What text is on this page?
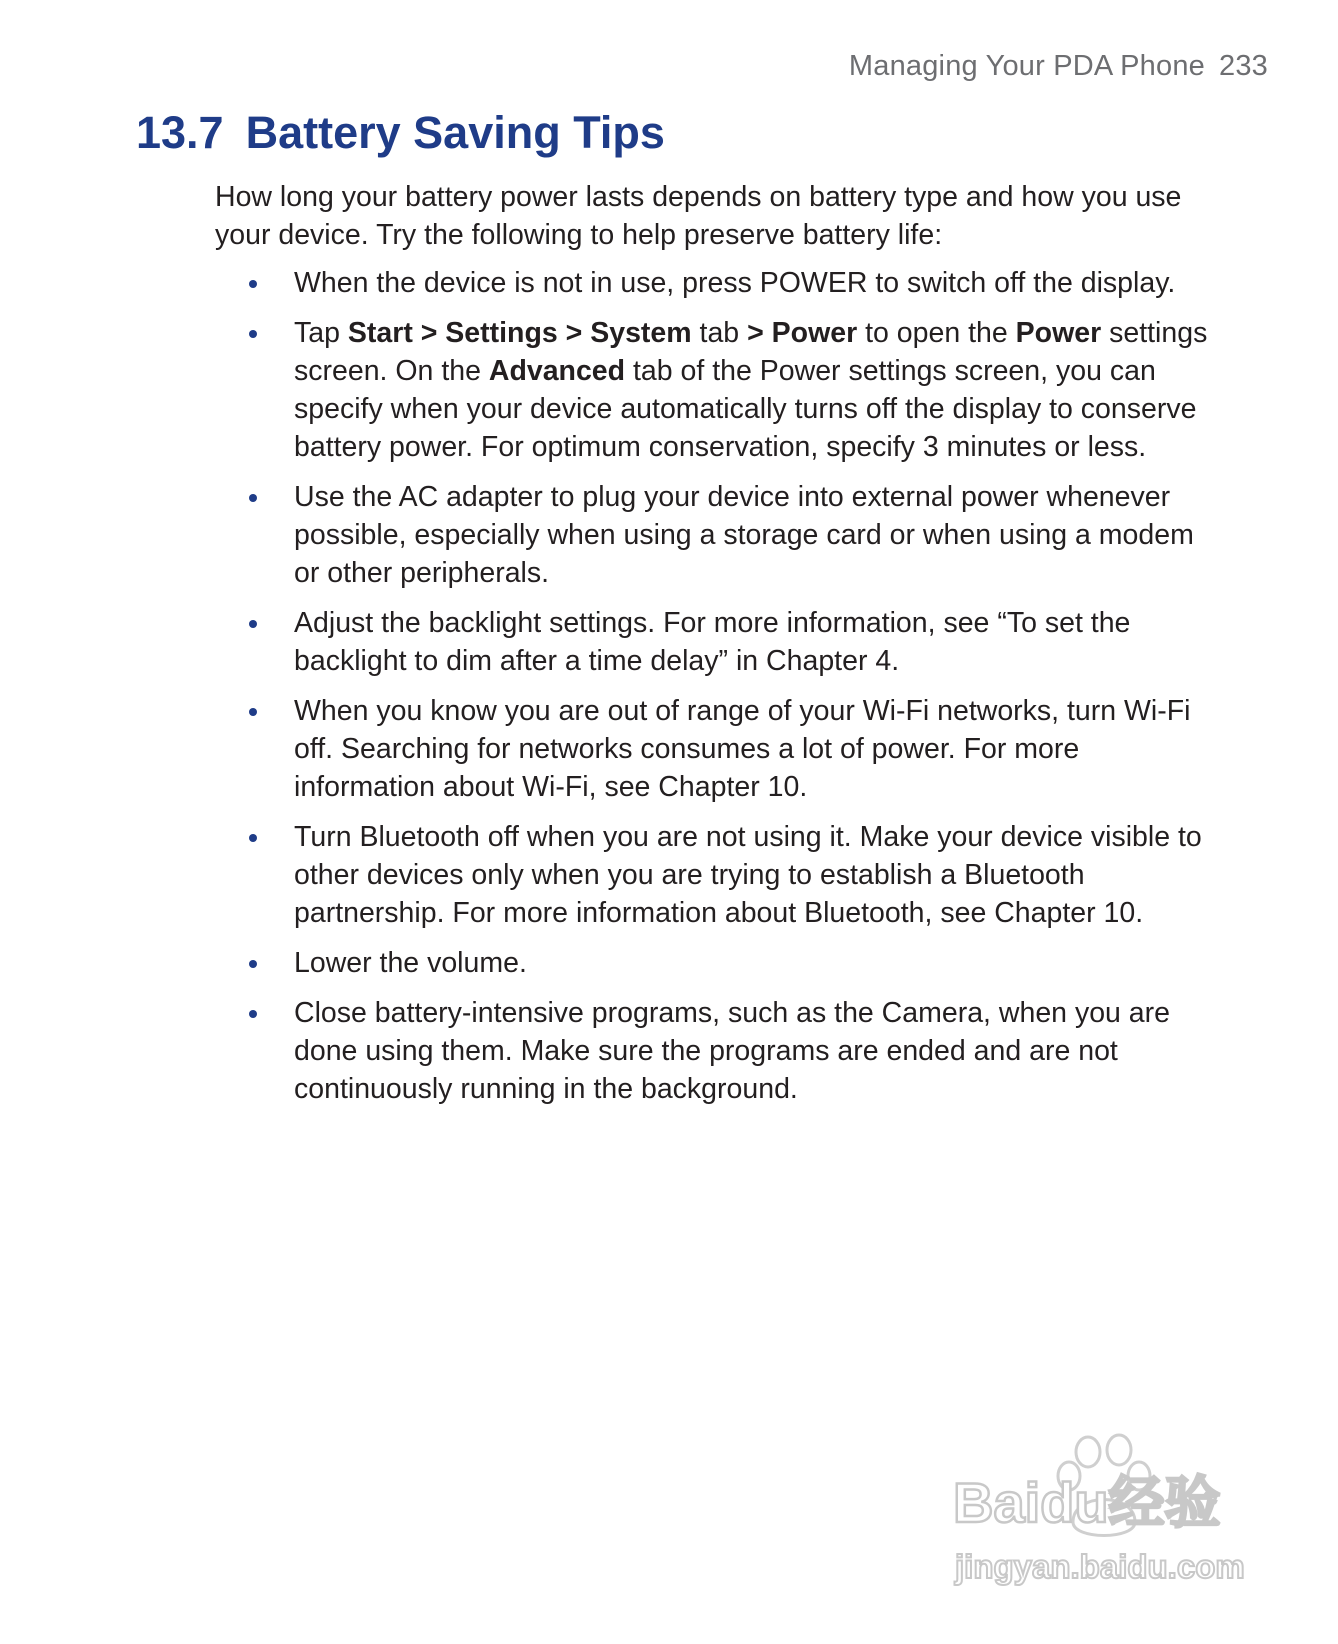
Managing Your PDA Phone 233
13.7 Battery Saving Tips

How long your battery power lasts depends on battery type and how you use your device. Try the following to help preserve battery life:

When the device is not in use, press POWER to switch off the display.
Tap Start > Settings > System tab > Power to open the Power settings screen. On the Advanced tab of the Power settings screen, you can specify when your device automatically turns off the display to conserve battery power. For optimum conservation, specify 3 minutes or less.
Use the AC adapter to plug your device into external power whenever possible, especially when using a storage card or when using a modem or other peripherals.
Adjust the backlight settings. For more information, see “To set the backlight to dim after a time delay” in Chapter 4.
When you know you are out of range of your Wi-Fi networks, turn Wi-Fi off. Searching for networks consumes a lot of power. For more information about Wi-Fi, see Chapter 10.
Turn Bluetooth off when you are not using it. Make your device visible to other devices only when you are trying to establish a Bluetooth partnership. For more information about Bluetooth, see Chapter 10.
Lower the volume.
Close battery-intensive programs, such as the Camera, when you are done using them. Make sure the programs are ended and are not continuously running in the background.
Baidu经验
jingyan.baidu.com
